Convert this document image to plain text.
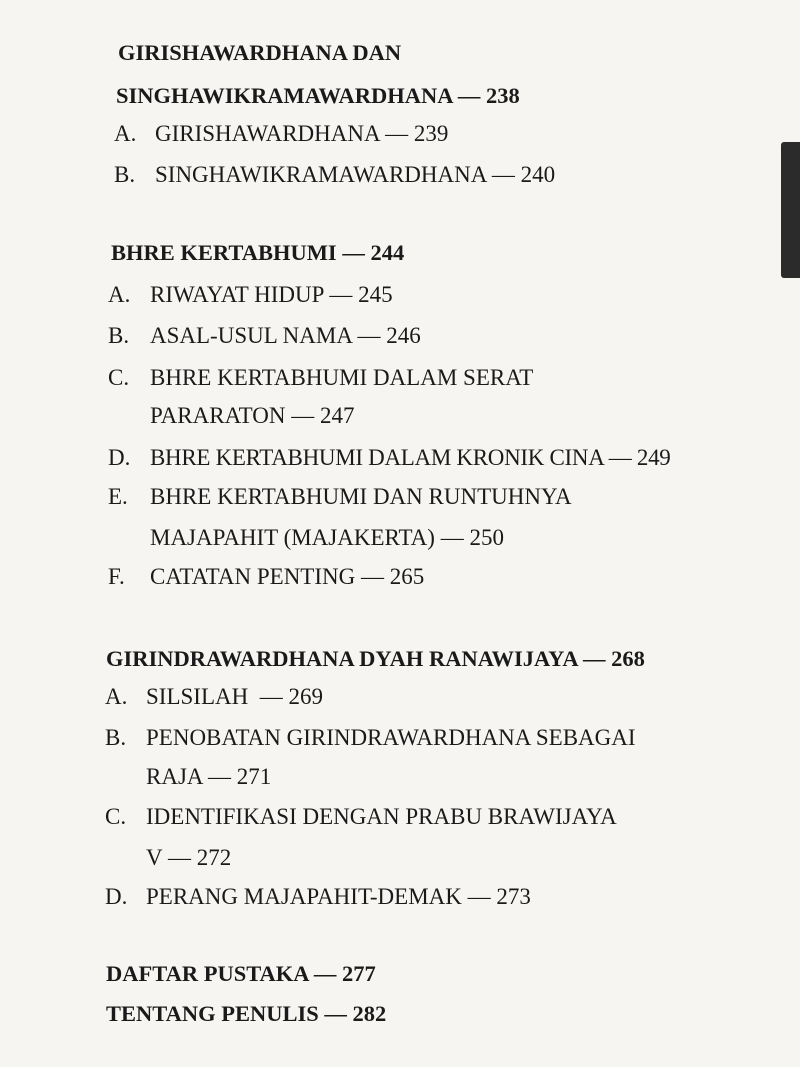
GIRISHAWARDHANA DAN
SINGHAWIKRAMAWARDHANA — 238
A. GIRISHAWARDHANA — 239
B. SINGHAWIKRAMAWARDHANA — 240
BHRE KERTABHUMI — 244
A. RIWAYAT HIDUP — 245
B. ASAL-USUL NAMA — 246
C. BHRE KERTABHUMI DALAM SERAT
PARARATON — 247
D. BHRE KERTABHUMI DALAM KRONIK CINA — 249
E. BHRE KERTABHUMI DAN RUNTUHNYA
MAJAPAHIT (MAJAKERTA) — 250
F. CATATAN PENTING — 265
GIRINDRAWARDHANA DYAH RANAWIJAYA — 268
A. SILSILAH  — 269
B. PENOBATAN GIRINDRAWARDHANA SEBAGAI
RAJA — 271
C. IDENTIFIKASI DENGAN PRABU BRAWIJAYA
V — 272
D. PERANG MAJAPAHIT-DEMAK — 273
DAFTAR PUSTAKA — 277
TENTANG PENULIS — 282
